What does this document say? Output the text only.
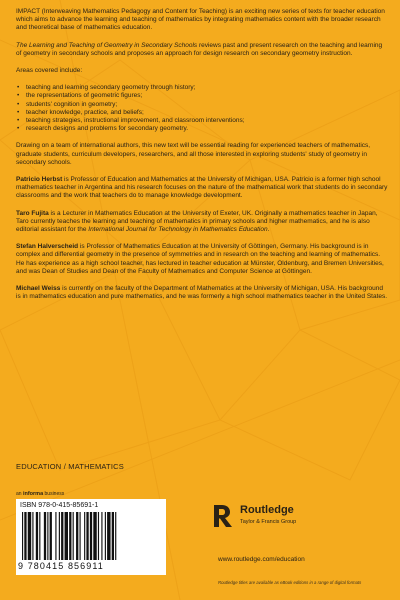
IMPACT (Interweaving Mathematics Pedagogy and Content for Teaching) is an exciting new series of texts for teacher education which aims to advance the learning and teaching of mathematics by integrating mathematics content with the broader research and theoretical base of mathematics education.

The Learning and Teaching of Geometry in Secondary Schools reviews past and present research on the teaching and learning of geometry in secondary schools and proposes an approach for design research on secondary geometry instruction.

Areas covered include:

• teaching and learning secondary geometry through history;
• the representations of geometric figures;
• students' cognition in geometry;
• teacher knowledge, practice, and beliefs;
• teaching strategies, instructional improvement, and classroom interventions;
• research designs and problems for secondary geometry.

Drawing on a team of international authors, this new text will be essential reading for experienced teachers of mathematics, graduate students, curriculum developers, researchers, and all those interested in exploring students' study of geometry in secondary schools.

Patricio Herbst is Professor of Education and Mathematics at the University of Michigan, USA. Patricio is a former high school mathematics teacher in Argentina and his research focuses on the nature of the mathematical work that students do in secondary classrooms and the work that teachers do to manage knowledge development.

Taro Fujita is a Lecturer in Mathematics Education at the University of Exeter, UK. Originally a mathematics teacher in Japan, Taro currently teaches the learning and teaching of mathematics in primary schools and higher mathematics, and he is also editorial assistant for the International Journal for Technology in Mathematics Education.

Stefan Halverscheid is Professor of Mathematics Education at the University of Göttingen, Germany. His background is in complex and differential geometry in the presence of symmetries and in research on the teaching and learning of mathematics. He has experience as a high school teacher, has lectured in teacher education at Münster, Oldenburg, and Bremen Universities, and was Dean of Studies and Dean of the Faculty of Mathematics and Computer Science at Göttingen.

Michael Weiss is currently on the faculty of the Department of Mathematics at the University of Michigan, USA. His background is in mathematics education and pure mathematics, and he was formerly a high school mathematics teacher in the United States.

EDUCATION / MATHEMATICS
an informa business
ISBN 978-0-415-85691-1
9 780415 856911
Routledge
Taylor & Francis Group
www.routledge.com/education
Routledge titles are available as eBook editions in a range of digital formats
